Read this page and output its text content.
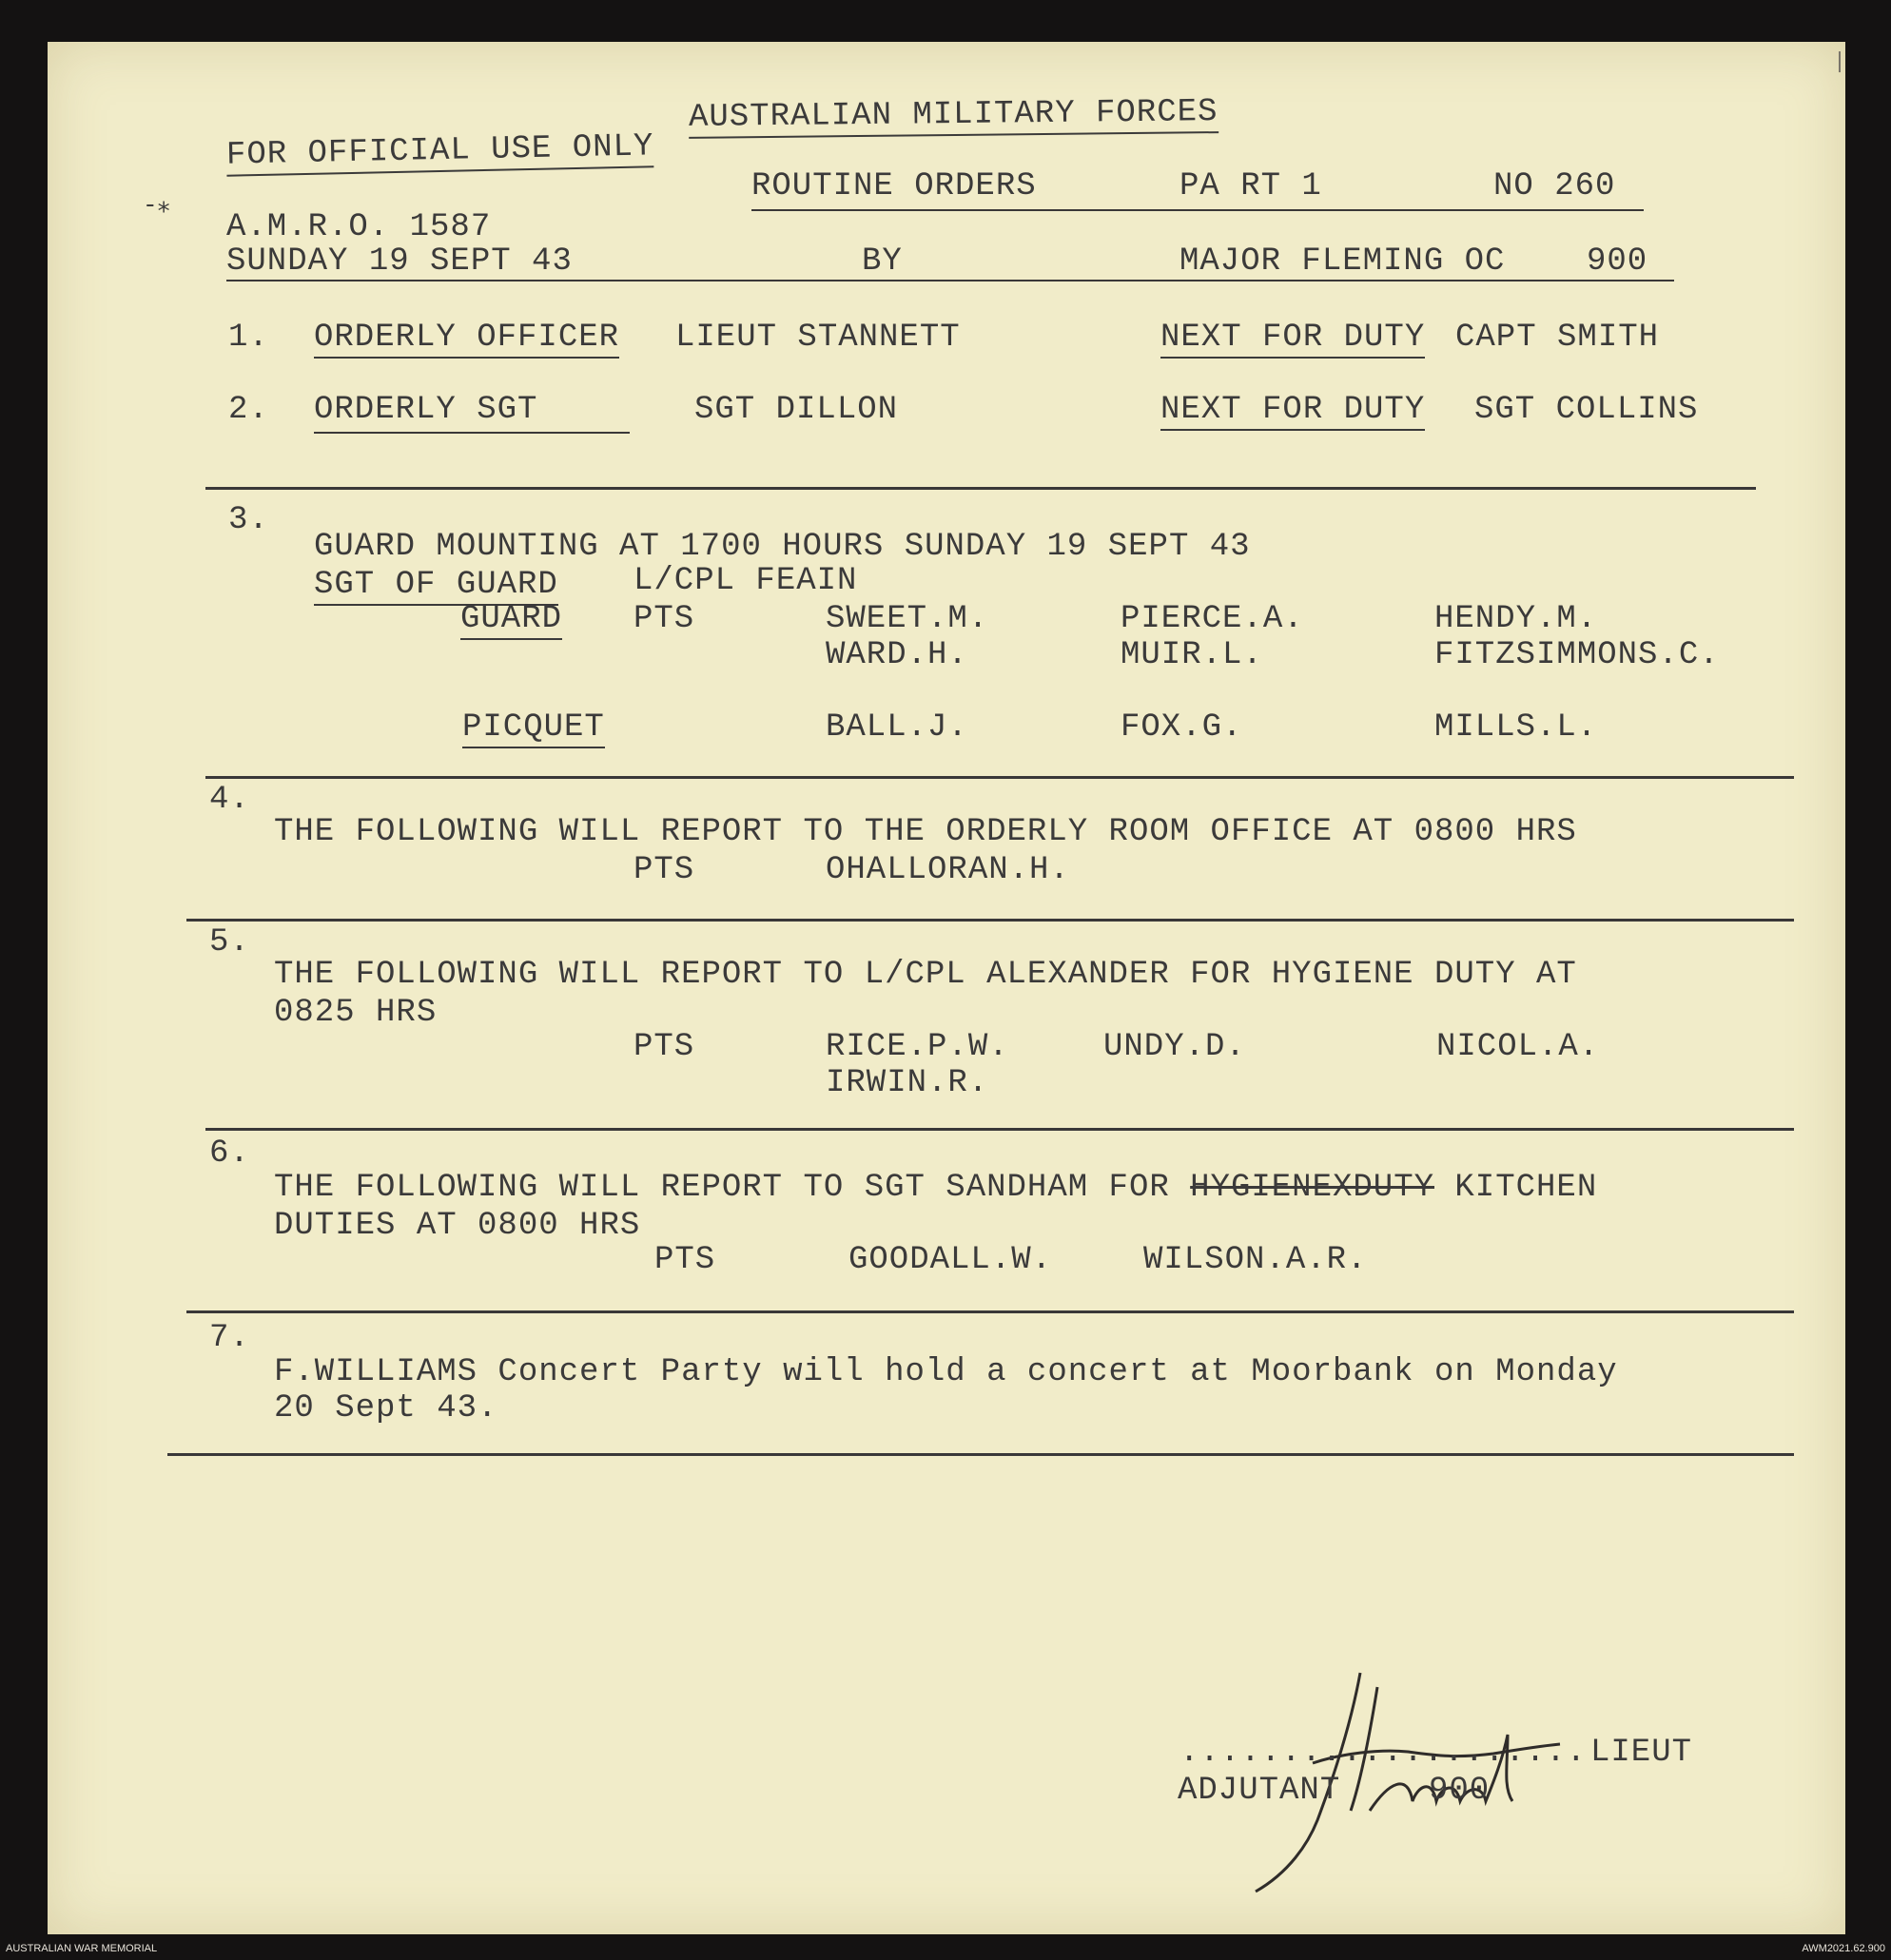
AUSTRALIAN MILITARY FORCES
FOR OFFICIAL USE ONLY
-⁎
ROUTINE ORDERS	PA RT 1	NO 260
A.M.R.O. 1587
SUNDAY 19 SEPT 43	BY	MAJOR FLEMING OC	900
1. ORDERLY OFFICER LIEUT STANNETT	NEXT FOR DUTY CAPT SMITH
2. ORDERLY SGT	SGT DILLON	NEXT FOR DUTY SGT COLLINS
3.
GUARD MOUNTING AT 1700 HOURS SUNDAY 19 SEPT 43
SGT OF GUARD L/CPL FEAIN
GUARD PTS	SWEET.M.	PIERCE.A.	HENDY.M.
WARD.H.	MUIR.L.	FITZSIMMONS.C.
PICQUET	BALL.J.	FOX.G.	MILLS.L.
4.
THE FOLLOWING WILL REPORT TO THE ORDERLY ROOM OFFICE AT 0800 HRS
PTS	OHALLORAN.H.
5.
THE FOLLOWING WILL REPORT TO L/CPL ALEXANDER FOR HYGIENE DUTY AT
0825 HRS
PTS	RICE.P.W.	UNDY.D.	NICOL.A.
IRWIN.R.
6.
THE FOLLOWING WILL REPORT TO SGT SANDHAM FOR HYGIENEXDUTY KITCHEN
DUTIES AT 0800 HRS
PTS	GOODALL.W.	WILSON.A.R.
7.
F.WILLIAMS Concert Party will hold a concert at Moorbank on Monday
20 Sept 43.
.................... LIEUT
ADJUTANT	900
AUSTRALIAN WAR MEMORIAL	AWM2021.62.900
